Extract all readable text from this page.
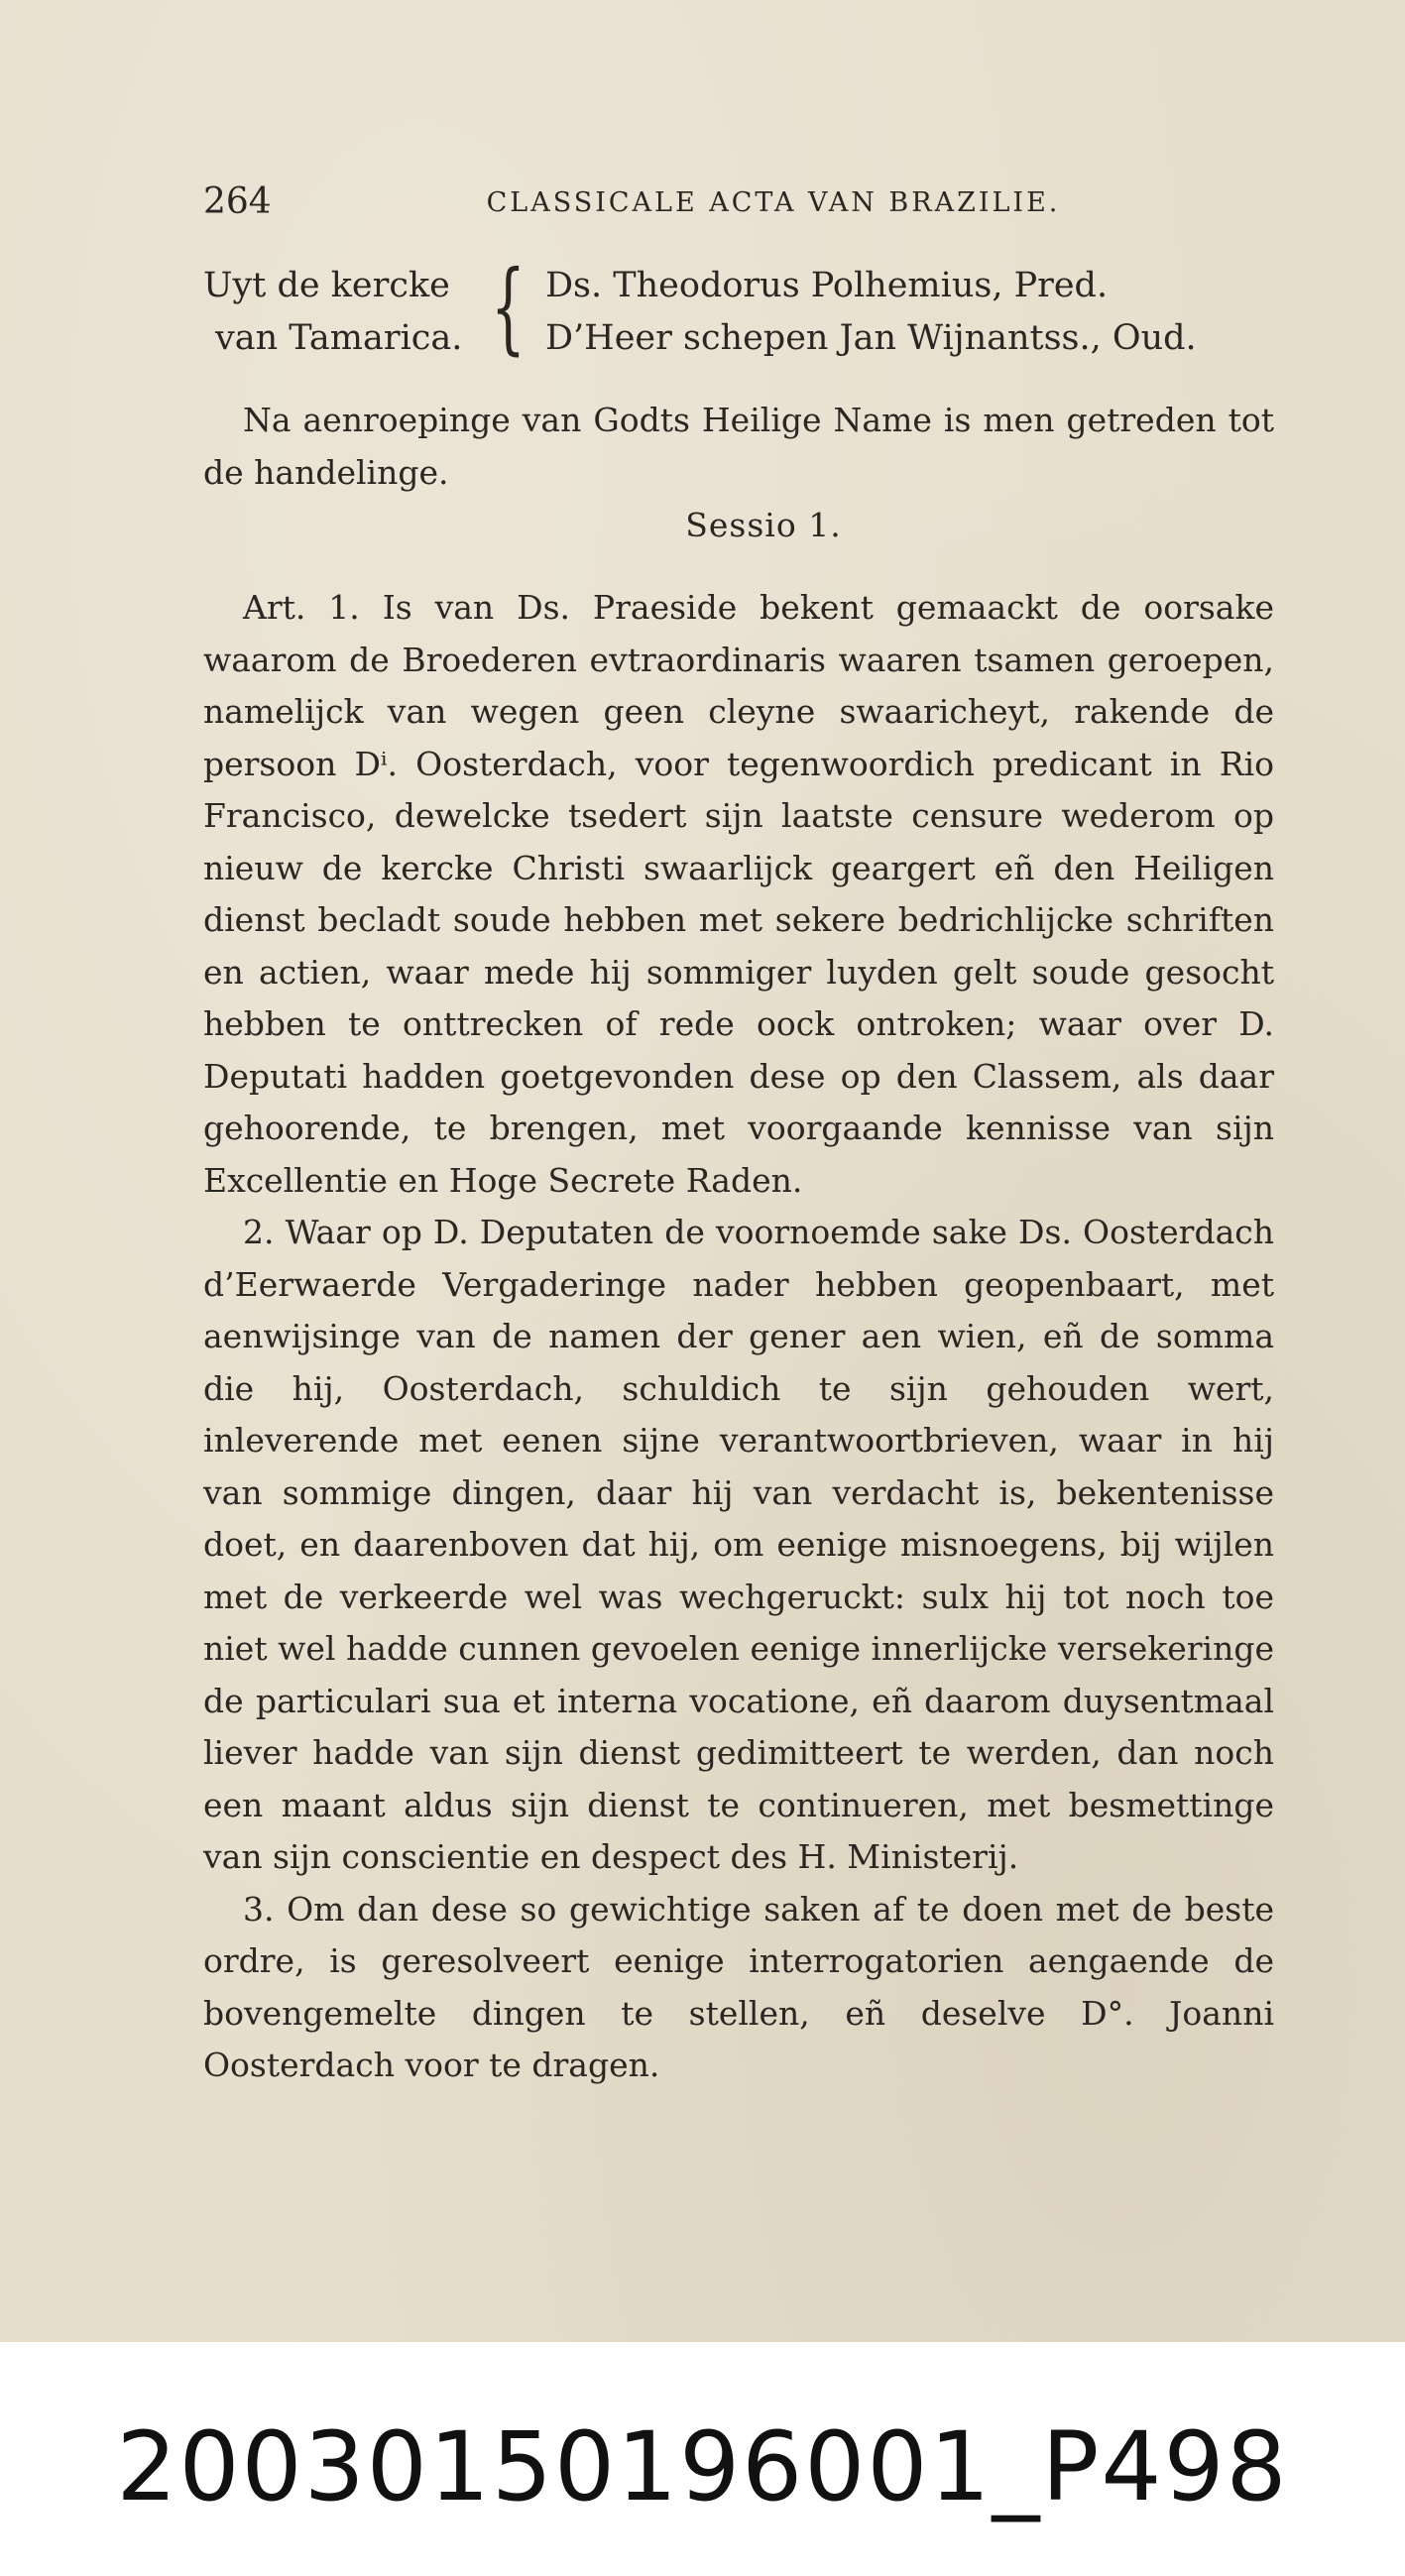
264	CLASSICALE ACTA VAN BRAZILIE.
Uyt de kercke
van Tamarica. { Ds. Theodorus Polhemius, Pred.
D’Heer schepen Jan Wijnantss., Oud.

Na aenroepinge van Godts Heilige Name is men getreden tot de handelinge.

Sessio 1.

Art. 1. Is van Ds. Praeside bekent gemaackt de oorsake waarom de Broederen evtraordinaris waaren tsamen geroepen, namelijck van wegen geen cleyne swaaricheyt, rakende de persoon Dⁱ. Oosterdach, voor tegenwoordich predicant in Rio Francisco, dewelcke tsedert sijn laatste censure wederom op nieuw de kercke Christi swaarlijck geargert eñ den Heiligen dienst becladt soude hebben met sekere bedrichlijcke schriften en actien, waar mede hij sommiger luyden gelt soude gesocht hebben te onttrecken of rede oock ontroken; waar over D. Deputati hadden goetgevonden dese op den Classem, als daar gehoorende, te brengen, met voorgaande kennisse van sijn Excellentie en Hoge Secrete Raden.

2. Waar op D. Deputaten de voornoemde sake Ds. Oosterdach d’Eerwaerde Vergaderinge nader hebben geopenbaart, met aenwijsinge van de namen der gener aen wien, eñ de somma die hij, Oosterdach, schuldich te sijn gehouden wert, inleverende met eenen sijne verantwoortbrieven, waar in hij van sommige dingen, daar hij van verdacht is, bekentenisse doet, en daarenboven dat hij, om eenige misnoegens, bij wijlen met de verkeerde wel was wechgeruckt: sulx hij tot noch toe niet wel hadde cunnen gevoelen eenige innerlijcke versekeringe de particulari sua et interna vocatione, eñ daarom duysentmaal liever hadde van sijn dienst gedimitteert te werden, dan noch een maant aldus sijn dienst te continueren, met besmettinge van sijn conscientie en despect des H. Ministerij.

3. Om dan dese so gewichtige saken af te doen met de beste ordre, is geresolveert eenige interrogatorien aengaende de bovengemelte dingen te stellen, eñ deselve D°. Joanni Oosterdach voor te dragen.

20030150196001_P498
